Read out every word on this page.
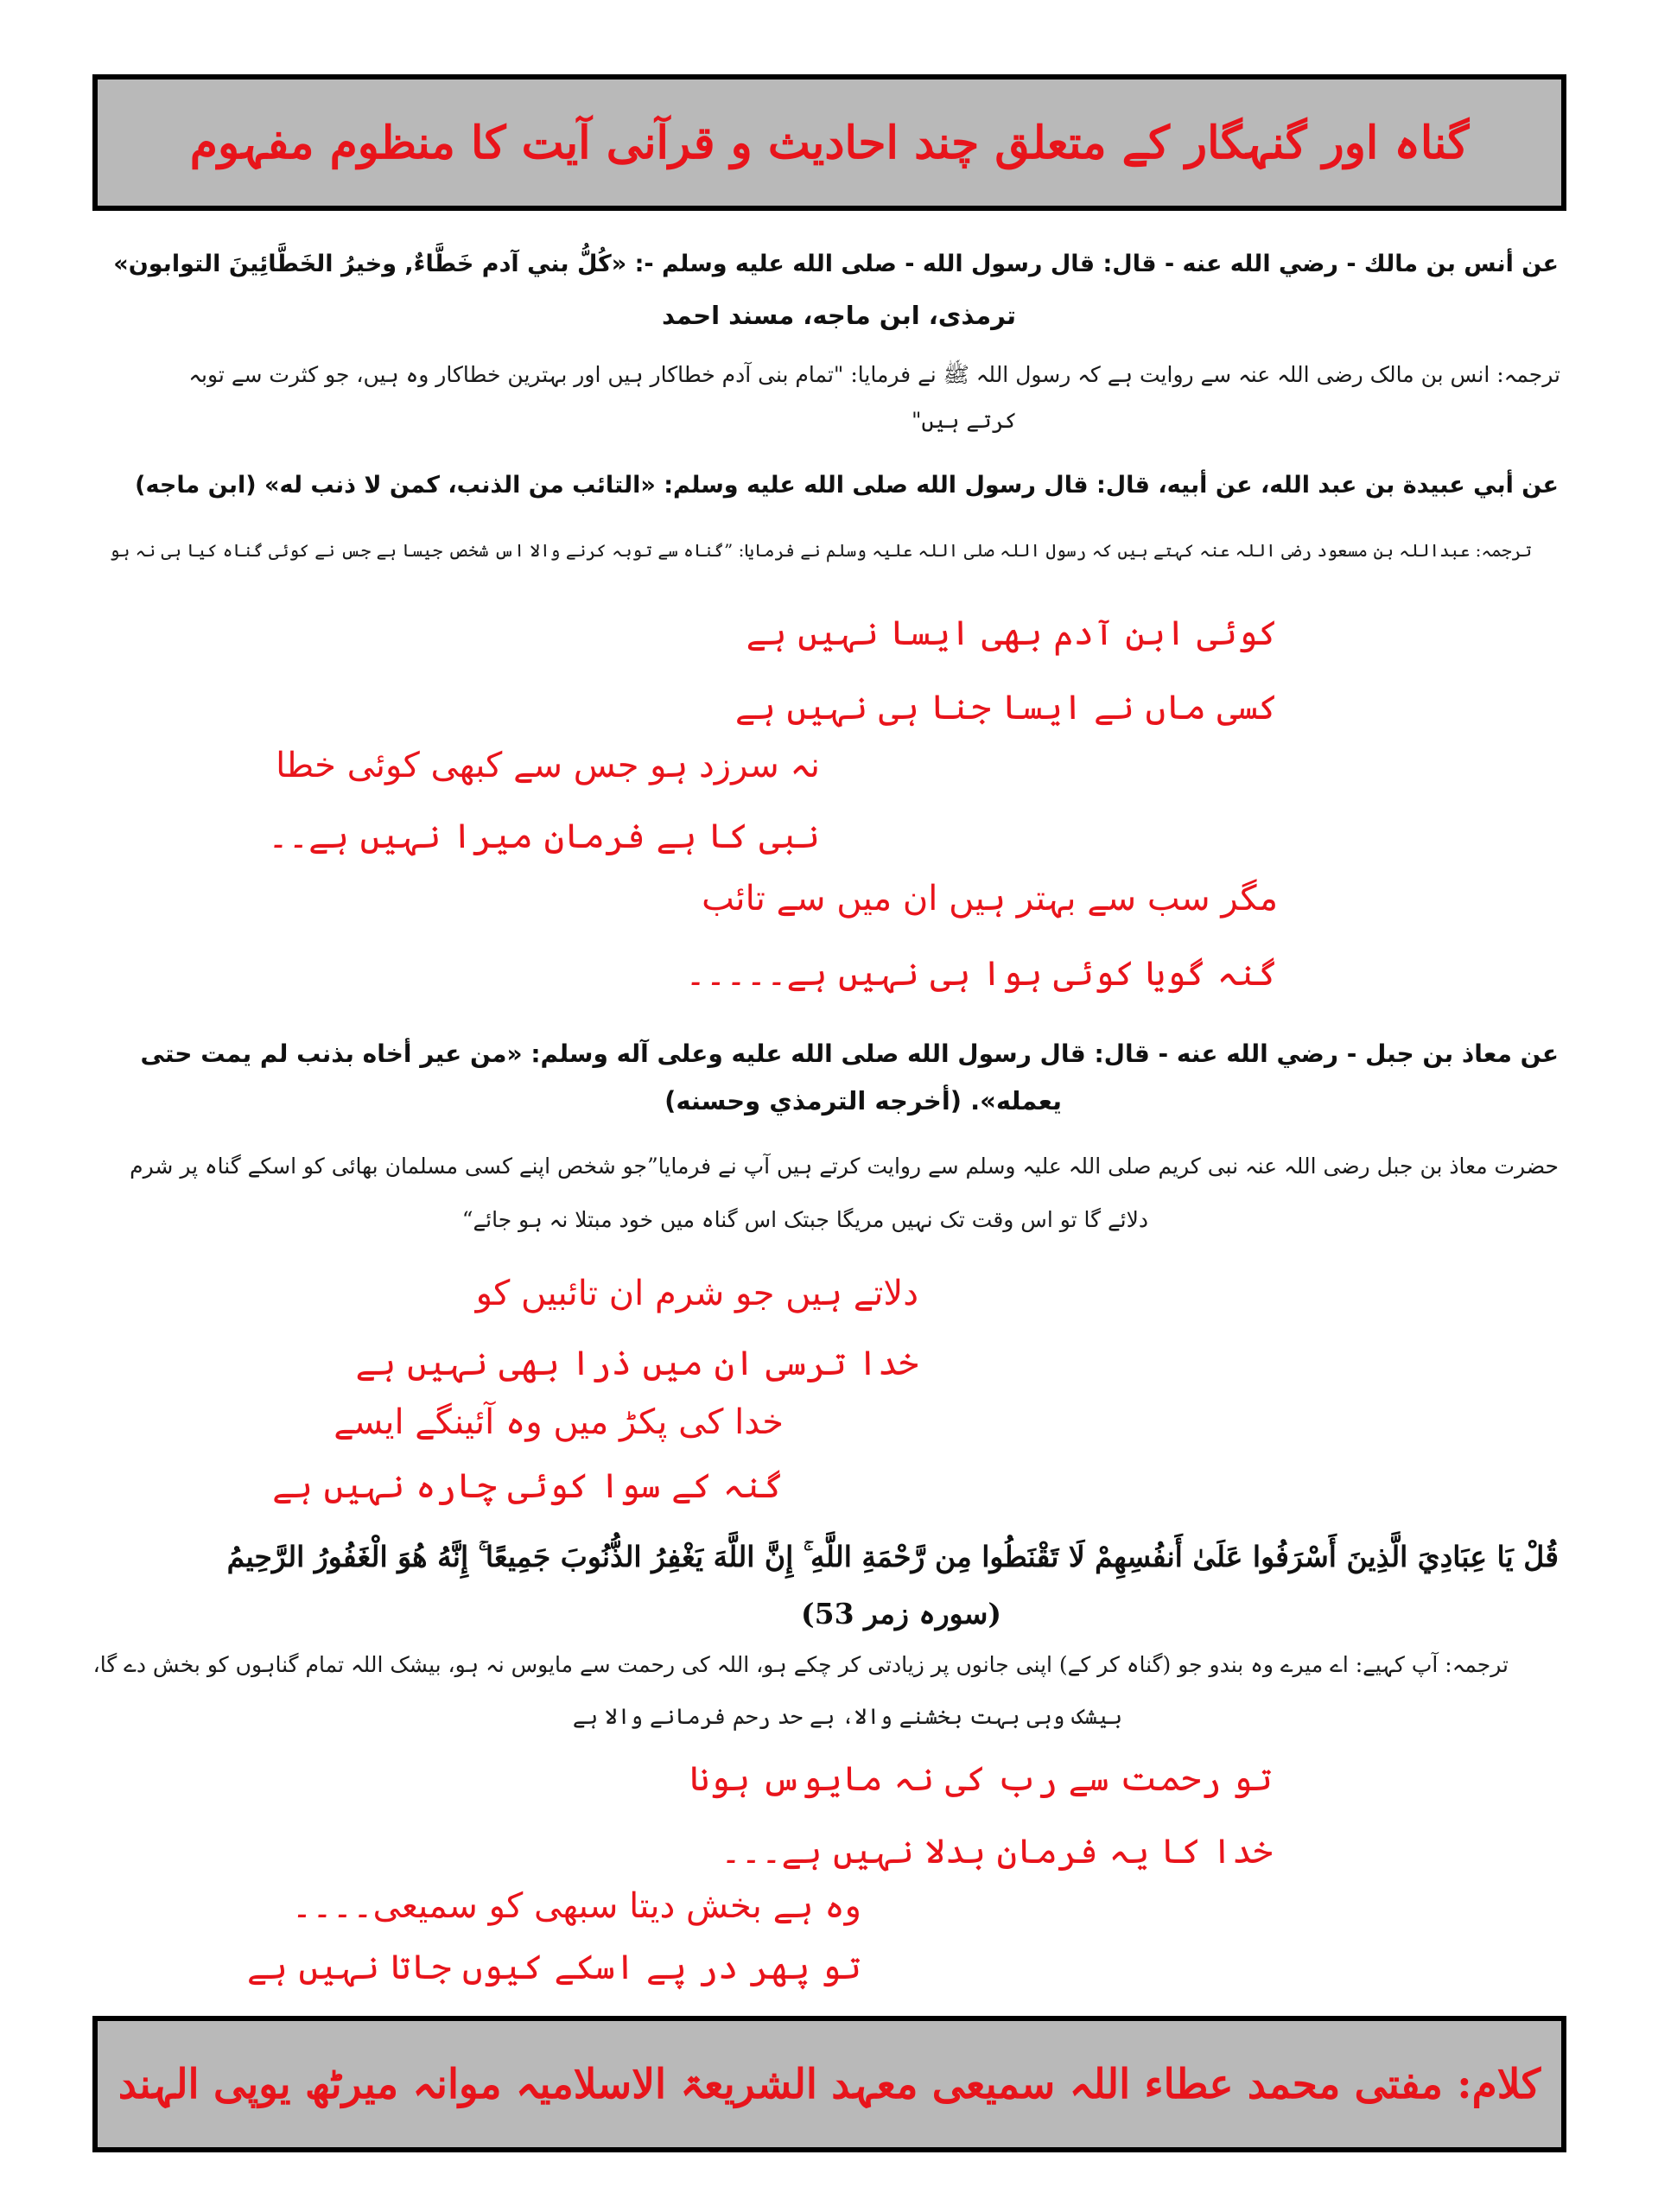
گناہ اور گنہگار کے متعلق چند احادیث و قرآنی آیت کا منظوم مفہوم
عن أنس بن مالك - رضي الله عنه - قال: قال رسول الله - صلى الله عليه وسلم -: «كُلُّ بني آدم خَطَّاءٌ, وخيرُ الخَطَّائِينَ التوابون»
ترمذی، ابن ماجه، مسند احمد
ترجمہ: انس بن مالک رضی اللہ عنہ سے روایت ہے کہ رسول اللہ ﷺ نے فرمایا: "تمام بنی آدم خطاکار ہیں اور بہترین خطاکار وہ ہیں، جو کثرت سے توبہ
کرتے ہیں"
عن أبي عبيدة بن عبد الله، عن أبيه، قال: قال رسول الله صلى الله عليه وسلم: «التائب من الذنب، كمن لا ذنب له» (ابن ماجه)
ترجمہ: عبداللہ بن مسعود رضی اللہ عنہ کہتے ہیں کہ رسول اللہ صلی اللہ علیہ وسلم نے فرمایا: ”گناہ سے توبہ کرنے والا اس شخص جیسا ہے جس نے کوئی گناہ کیا ہی نہ ہو
کوئی ابن آدم بھی ایسا نہیں ہے
کسی ماں نے ایسا جنا ہی نہیں ہے
نہ سرزد ہو جس سے کبھی کوئی خطا
نبی کا ہے فرمان میرا نہیں ہے۔۔
مگر سب سے بہتر ہیں ان میں سے تائب
گنہ گویا کوئی ہوا ہی نہیں ہے۔۔۔۔۔
عن معاذ بن جبل - رضي الله عنه - قال: قال رسول الله صلى الله عليه وعلى آله وسلم: «من عير أخاه بذنب لم يمت حتى
يعمله». (أخرجه الترمذي وحسنه)
حضرت معاذ بن جبل رضی اللہ عنہ نبی کریم صلی اللہ علیہ وسلم سے روایت کرتے ہیں آپ نے فرمایا”جو شخص اپنے کسی مسلمان بھائی کو اسکے گناہ پر شرم
دلائے گا تو اس وقت تک نہیں مریگا جبتک اس گناہ میں خود مبتلا نہ ہو جائے“
دلاتے ہیں جو شرم ان تائبیں کو
خدا ترسی ان میں ذرا بھی نہیں ہے
خدا کی پکڑ میں وہ آئینگے ایسے
گنہ کے سوا کوئی چارہ نہیں ہے
قُلْ يَا عِبَادِيَ الَّذِينَ أَسْرَفُوا عَلَىٰ أَنفُسِهِمْ لَا تَقْنَطُوا مِن رَّحْمَةِ اللَّهِ ۚ إِنَّ اللَّهَ يَغْفِرُ الذُّنُوبَ جَمِيعًا ۚ إِنَّهُ هُوَ الْغَفُورُ الرَّحِيمُ
(سورہ زمر 53)
ترجمہ: آپ کہیے: اے میرے وہ بندو جو (گناہ کر کے) اپنی جانوں پر زیادتی کر چکے ہو، اللہ کی رحمت سے مایوس نہ ہو، بیشک اللہ تمام گناہوں کو بخش دے گا،
بیشک وہی بہت بخشنے والا، بے حد رحم فرمانے والا ہے
تو رحمت سے رب کی نہ مایوس ہونا
خدا کا یہ فرمان بدلا نہیں ہے۔۔۔
وہ ہے بخش دیتا سبھی کو سمیعی۔۔۔۔
تو پھر در پے اسکے کیوں جاتا نہیں ہے
کلام: مفتی محمد عطاء اللہ سمیعی معہد الشریعۃ الاسلامیہ موانہ میرٹھ یوپی الہند
